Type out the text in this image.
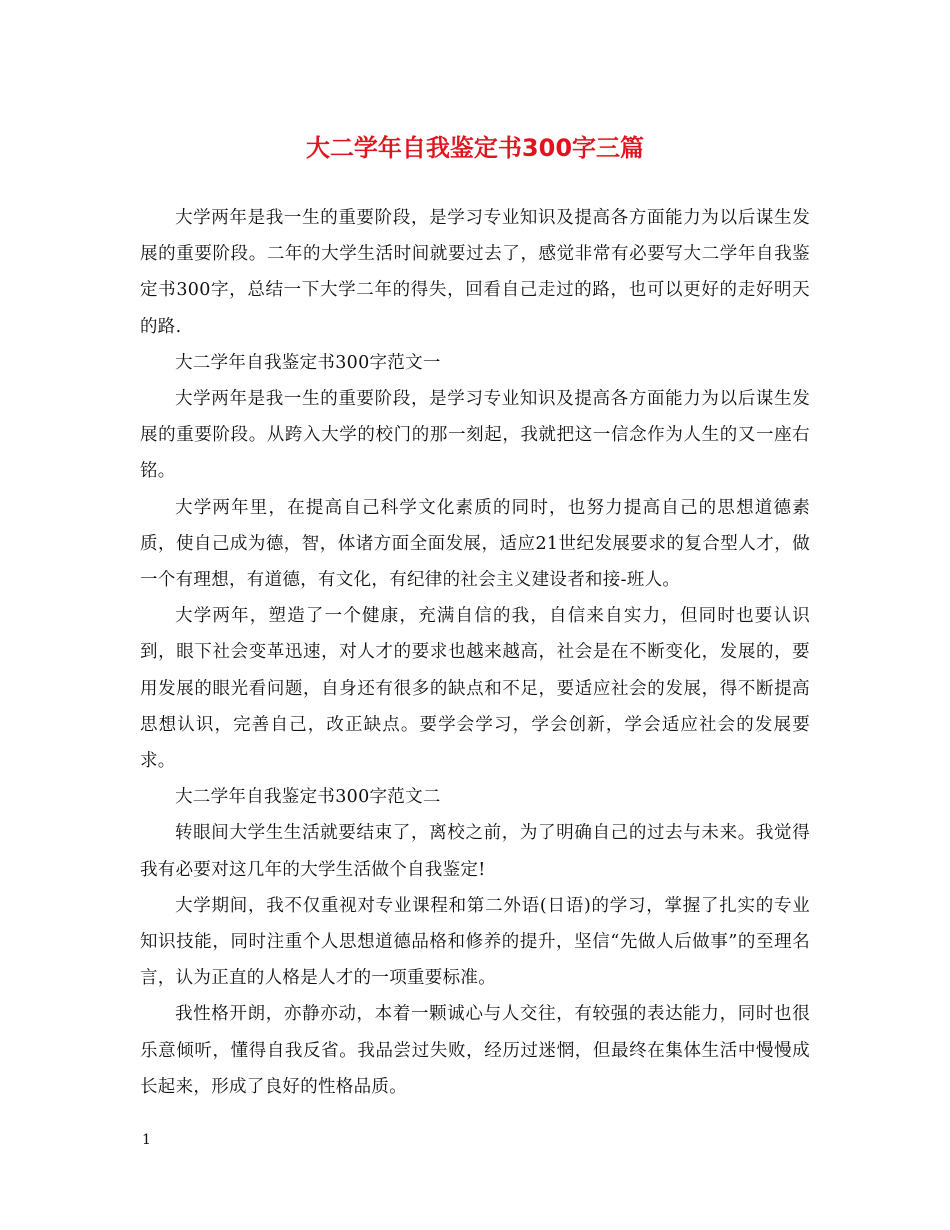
大二学年自我鉴定书300字三篇

大学两年是我一生的重要阶段，是学习专业知识及提高各方面能力为以后谋生发展的重要阶段。二年的大学生活时间就要过去了，感觉非常有必要写大二学年自我鉴定书300字，总结一下大学二年的得失，回看自己走过的路，也可以更好的走好明天的路.

大二学年自我鉴定书300字范文一

大学两年是我一生的重要阶段，是学习专业知识及提高各方面能力为以后谋生发展的重要阶段。从跨入大学的校门的那一刻起，我就把这一信念作为人生的又一座右铭。

大学两年里，在提高自己科学文化素质的同时，也努力提高自己的思想道德素质，使自己成为德，智，体诸方面全面发展，适应21世纪发展要求的复合型人才，做一个有理想，有道德，有文化，有纪律的社会主义建设者和接-班人。

大学两年，塑造了一个健康，充满自信的我，自信来自实力，但同时也要认识到，眼下社会变革迅速，对人才的要求也越来越高，社会是在不断变化，发展的，要用发展的眼光看问题，自身还有很多的缺点和不足，要适应社会的发展，得不断提高思想认识，完善自己，改正缺点。要学会学习，学会创新，学会适应社会的发展要求。

大二学年自我鉴定书300字范文二

转眼间大学生生活就要结束了，离校之前，为了明确自己的过去与未来。我觉得我有必要对这几年的大学生活做个自我鉴定!

大学期间，我不仅重视对专业课程和第二外语(日语)的学习，掌握了扎实的专业知识技能，同时注重个人思想道德品格和修养的提升，坚信“先做人后做事”的至理名言，认为正直的人格是人才的一项重要标准。

我性格开朗，亦静亦动，本着一颗诚心与人交往，有较强的表达能力，同时也很乐意倾听，懂得自我反省。我品尝过失败，经历过迷惘，但最终在集体生活中慢慢成长起来，形成了良好的性格品质。

1
